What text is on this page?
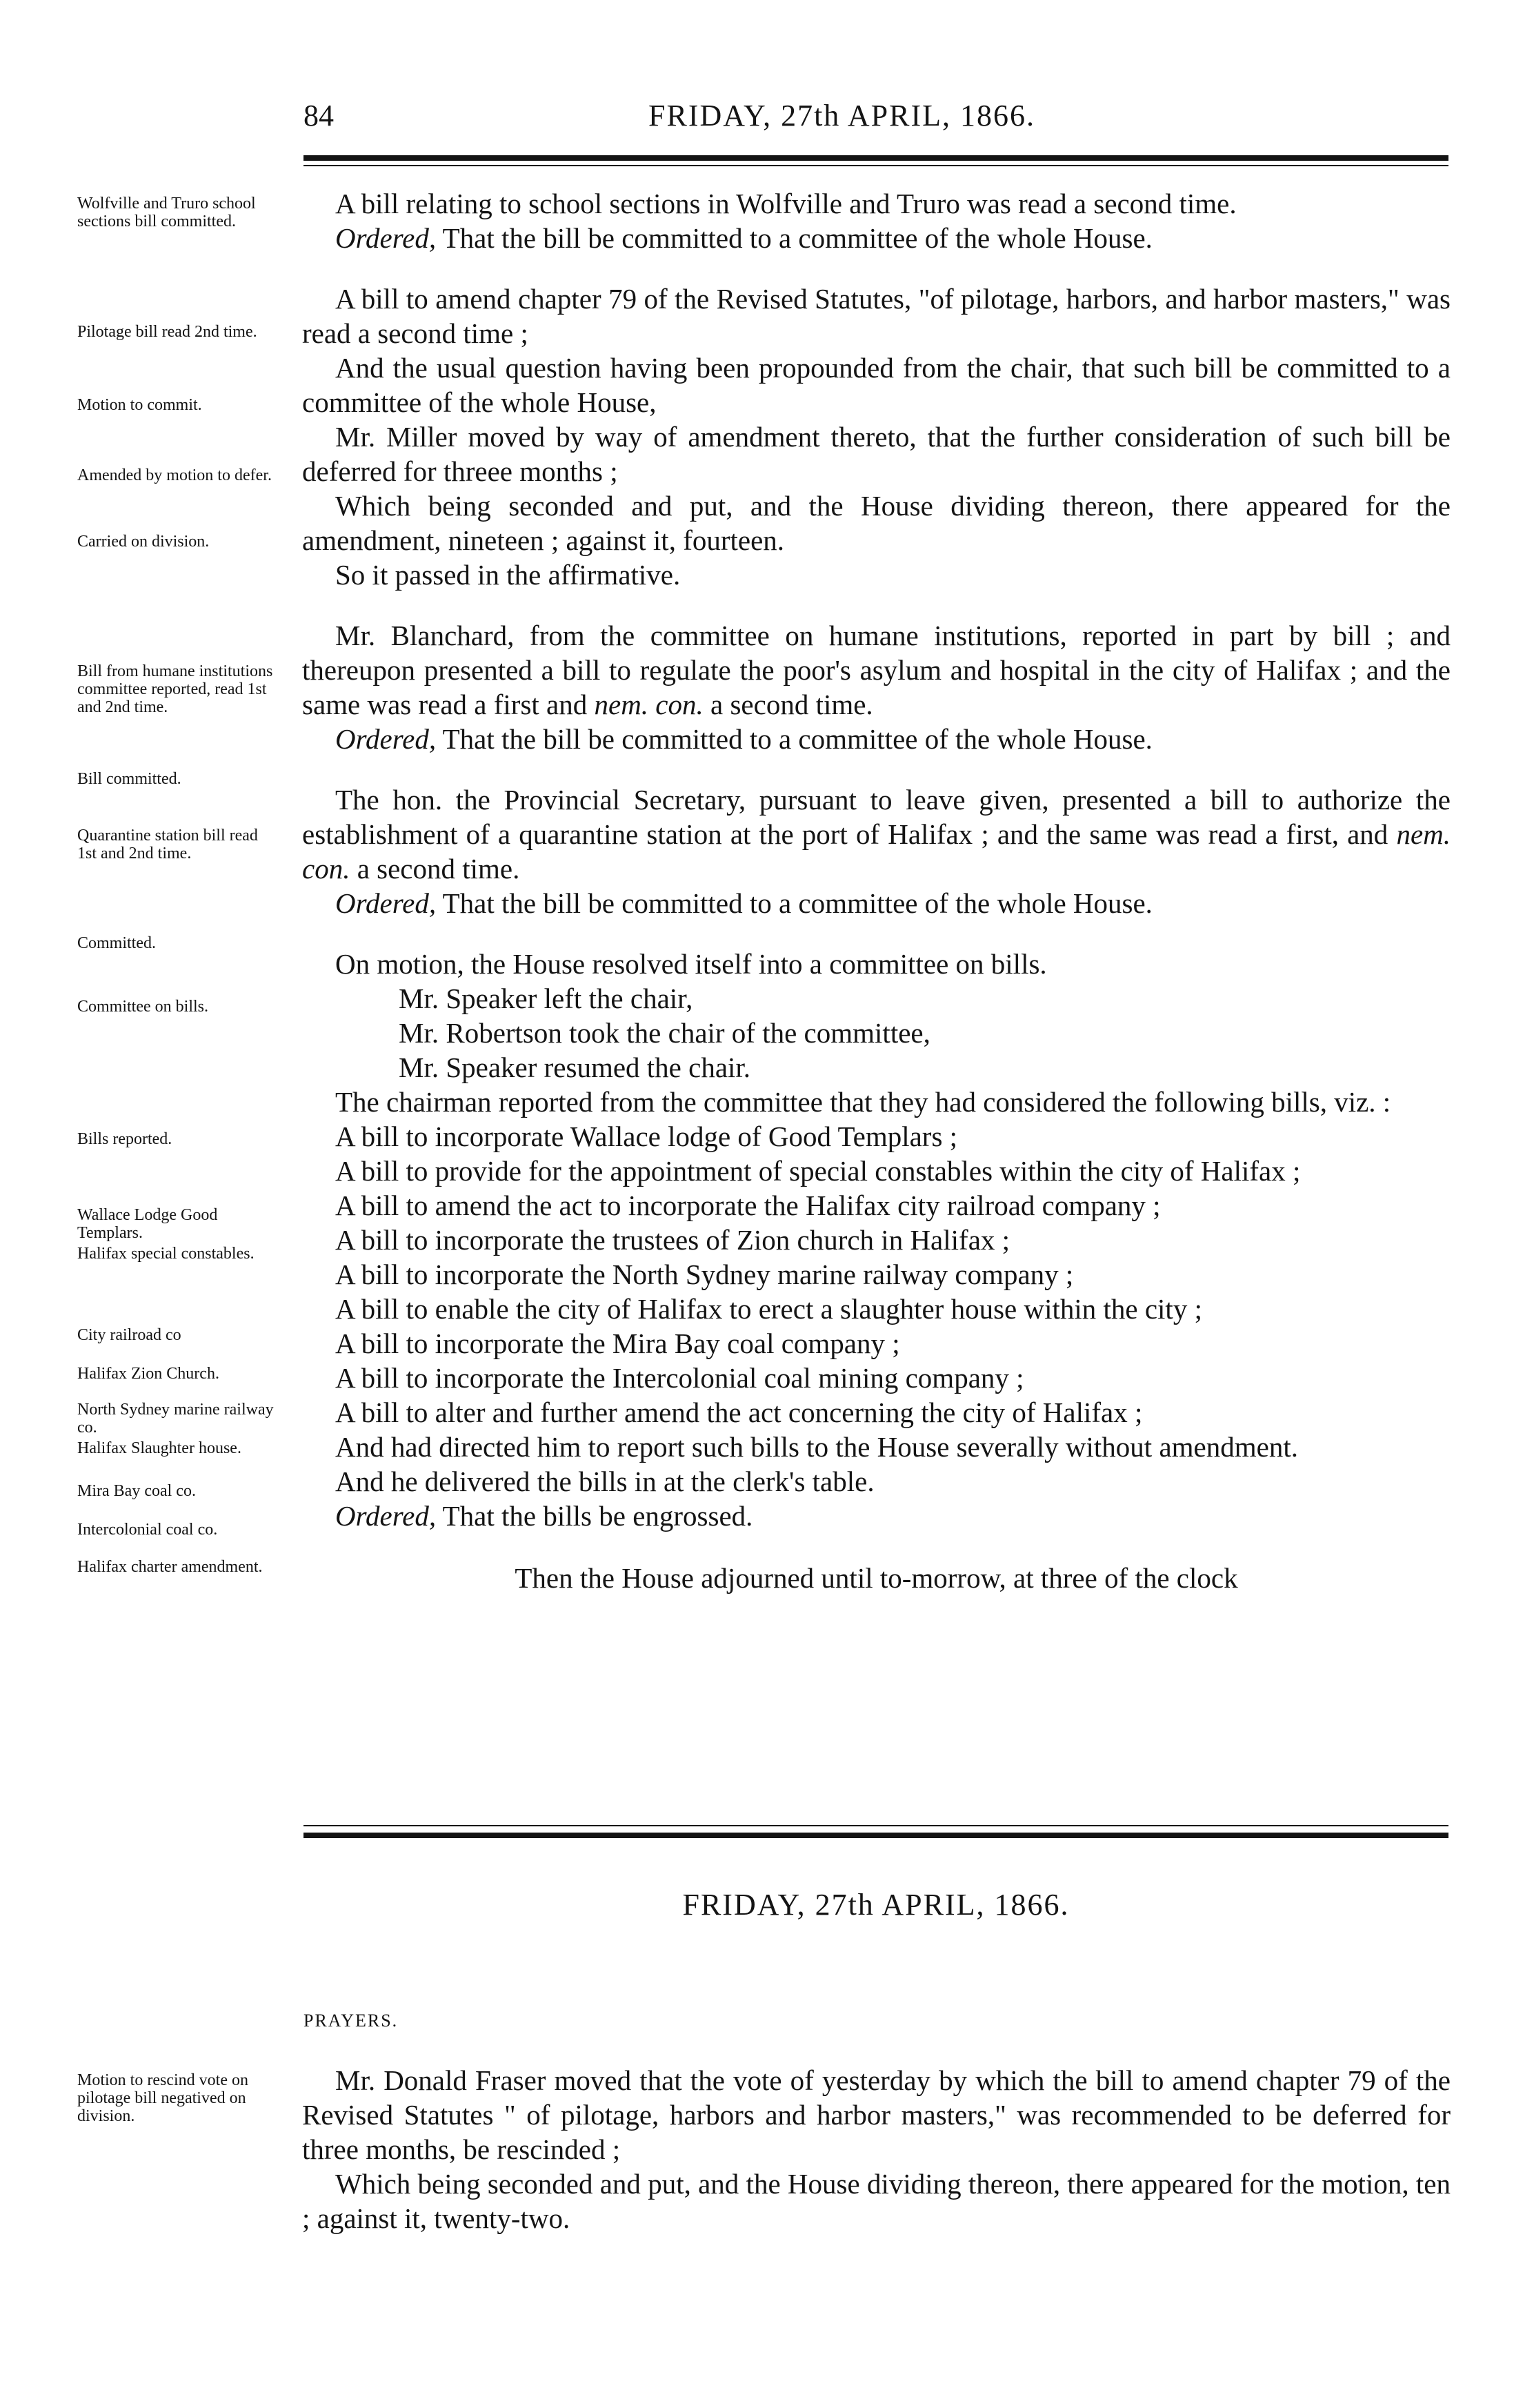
84	FRIDAY, 27th APRIL, 1866.
Wolfville and Truro school sections bill committed.
Pilotage bill read 2nd time.
Motion to commit.
Amended by motion to defer.
Carried on division.
Bill from humane institutions committee reported, read 1st and 2nd time.
Bill committed.
Quarantine station bill read 1st and 2nd time.
Committed.
Committee on bills.
Bills reported.
Wallace Lodge Good Templars.
Halifax special constables.
City railroad co
Halifax Zion Church.
North Sydney marine railway co.
Halifax Slaughter house.
Mira Bay coal co.
Intercolonial coal co.
Halifax charter amendment.
Motion to rescind vote on pilotage bill negatived on division.

A bill relating to school sections in Wolfville and Truro was read a second time.

Ordered, That the bill be committed to a committee of the whole House.

A bill to amend chapter 79 of the Revised Statutes, "of pilotage, harbors, and harbor masters," was read a second time ;

And the usual question having been propounded from the chair, that such bill be committed to a committee of the whole House,

Mr. Miller moved by way of amendment thereto, that the further consideration of such bill be deferred for threee months ;

Which being seconded and put, and the House dividing thereon, there appeared for the amendment, nineteen ; against it, fourteen.

So it passed in the affirmative.

Mr. Blanchard, from the committee on humane institutions, reported in part by bill ; and thereupon presented a bill to regulate the poor's asylum and hospital in the city of Halifax ; and the same was read a first and nem. con. a second time.

Ordered, That the bill be committed to a committee of the whole House.

The hon. the Provincial Secretary, pursuant to leave given, presented a bill to authorize the establishment of a quarantine station at the port of Halifax ; and the same was read a first, and nem. con. a second time.

Ordered, That the bill be committed to a committee of the whole House.

On motion, the House resolved itself into a committee on bills.

Mr. Speaker left the chair,

Mr. Robertson took the chair of the committee,

Mr. Speaker resumed the chair.

The chairman reported from the committee that they had considered the following bills, viz. :

A bill to incorporate Wallace lodge of Good Templars ;

A bill to provide for the appointment of special constables within the city of Halifax ;

A bill to amend the act to incorporate the Halifax city railroad company ;

A bill to incorporate the trustees of Zion church in Halifax ;

A bill to incorporate the North Sydney marine railway company ;

A bill to enable the city of Halifax to erect a slaughter house within the city ;

A bill to incorporate the Mira Bay coal company ;

A bill to incorporate the Intercolonial coal mining company ;

A bill to alter and further amend the act concerning the city of Halifax ;

And had directed him to report such bills to the House severally without amendment.

And he delivered the bills in at the clerk's table.

Ordered, That the bills be engrossed.

Then the House adjourned until to-morrow, at three of the clock

FRIDAY, 27th APRIL, 1866.
PRAYERS.

Mr. Donald Fraser moved that the vote of yesterday by which the bill to amend chapter 79 of the Revised Statutes " of pilotage, harbors and harbor masters," was recommended to be deferred for three months, be rescinded ;

Which being seconded and put, and the House dividing thereon, there appeared for the motion, ten ; against it, twenty-two.
